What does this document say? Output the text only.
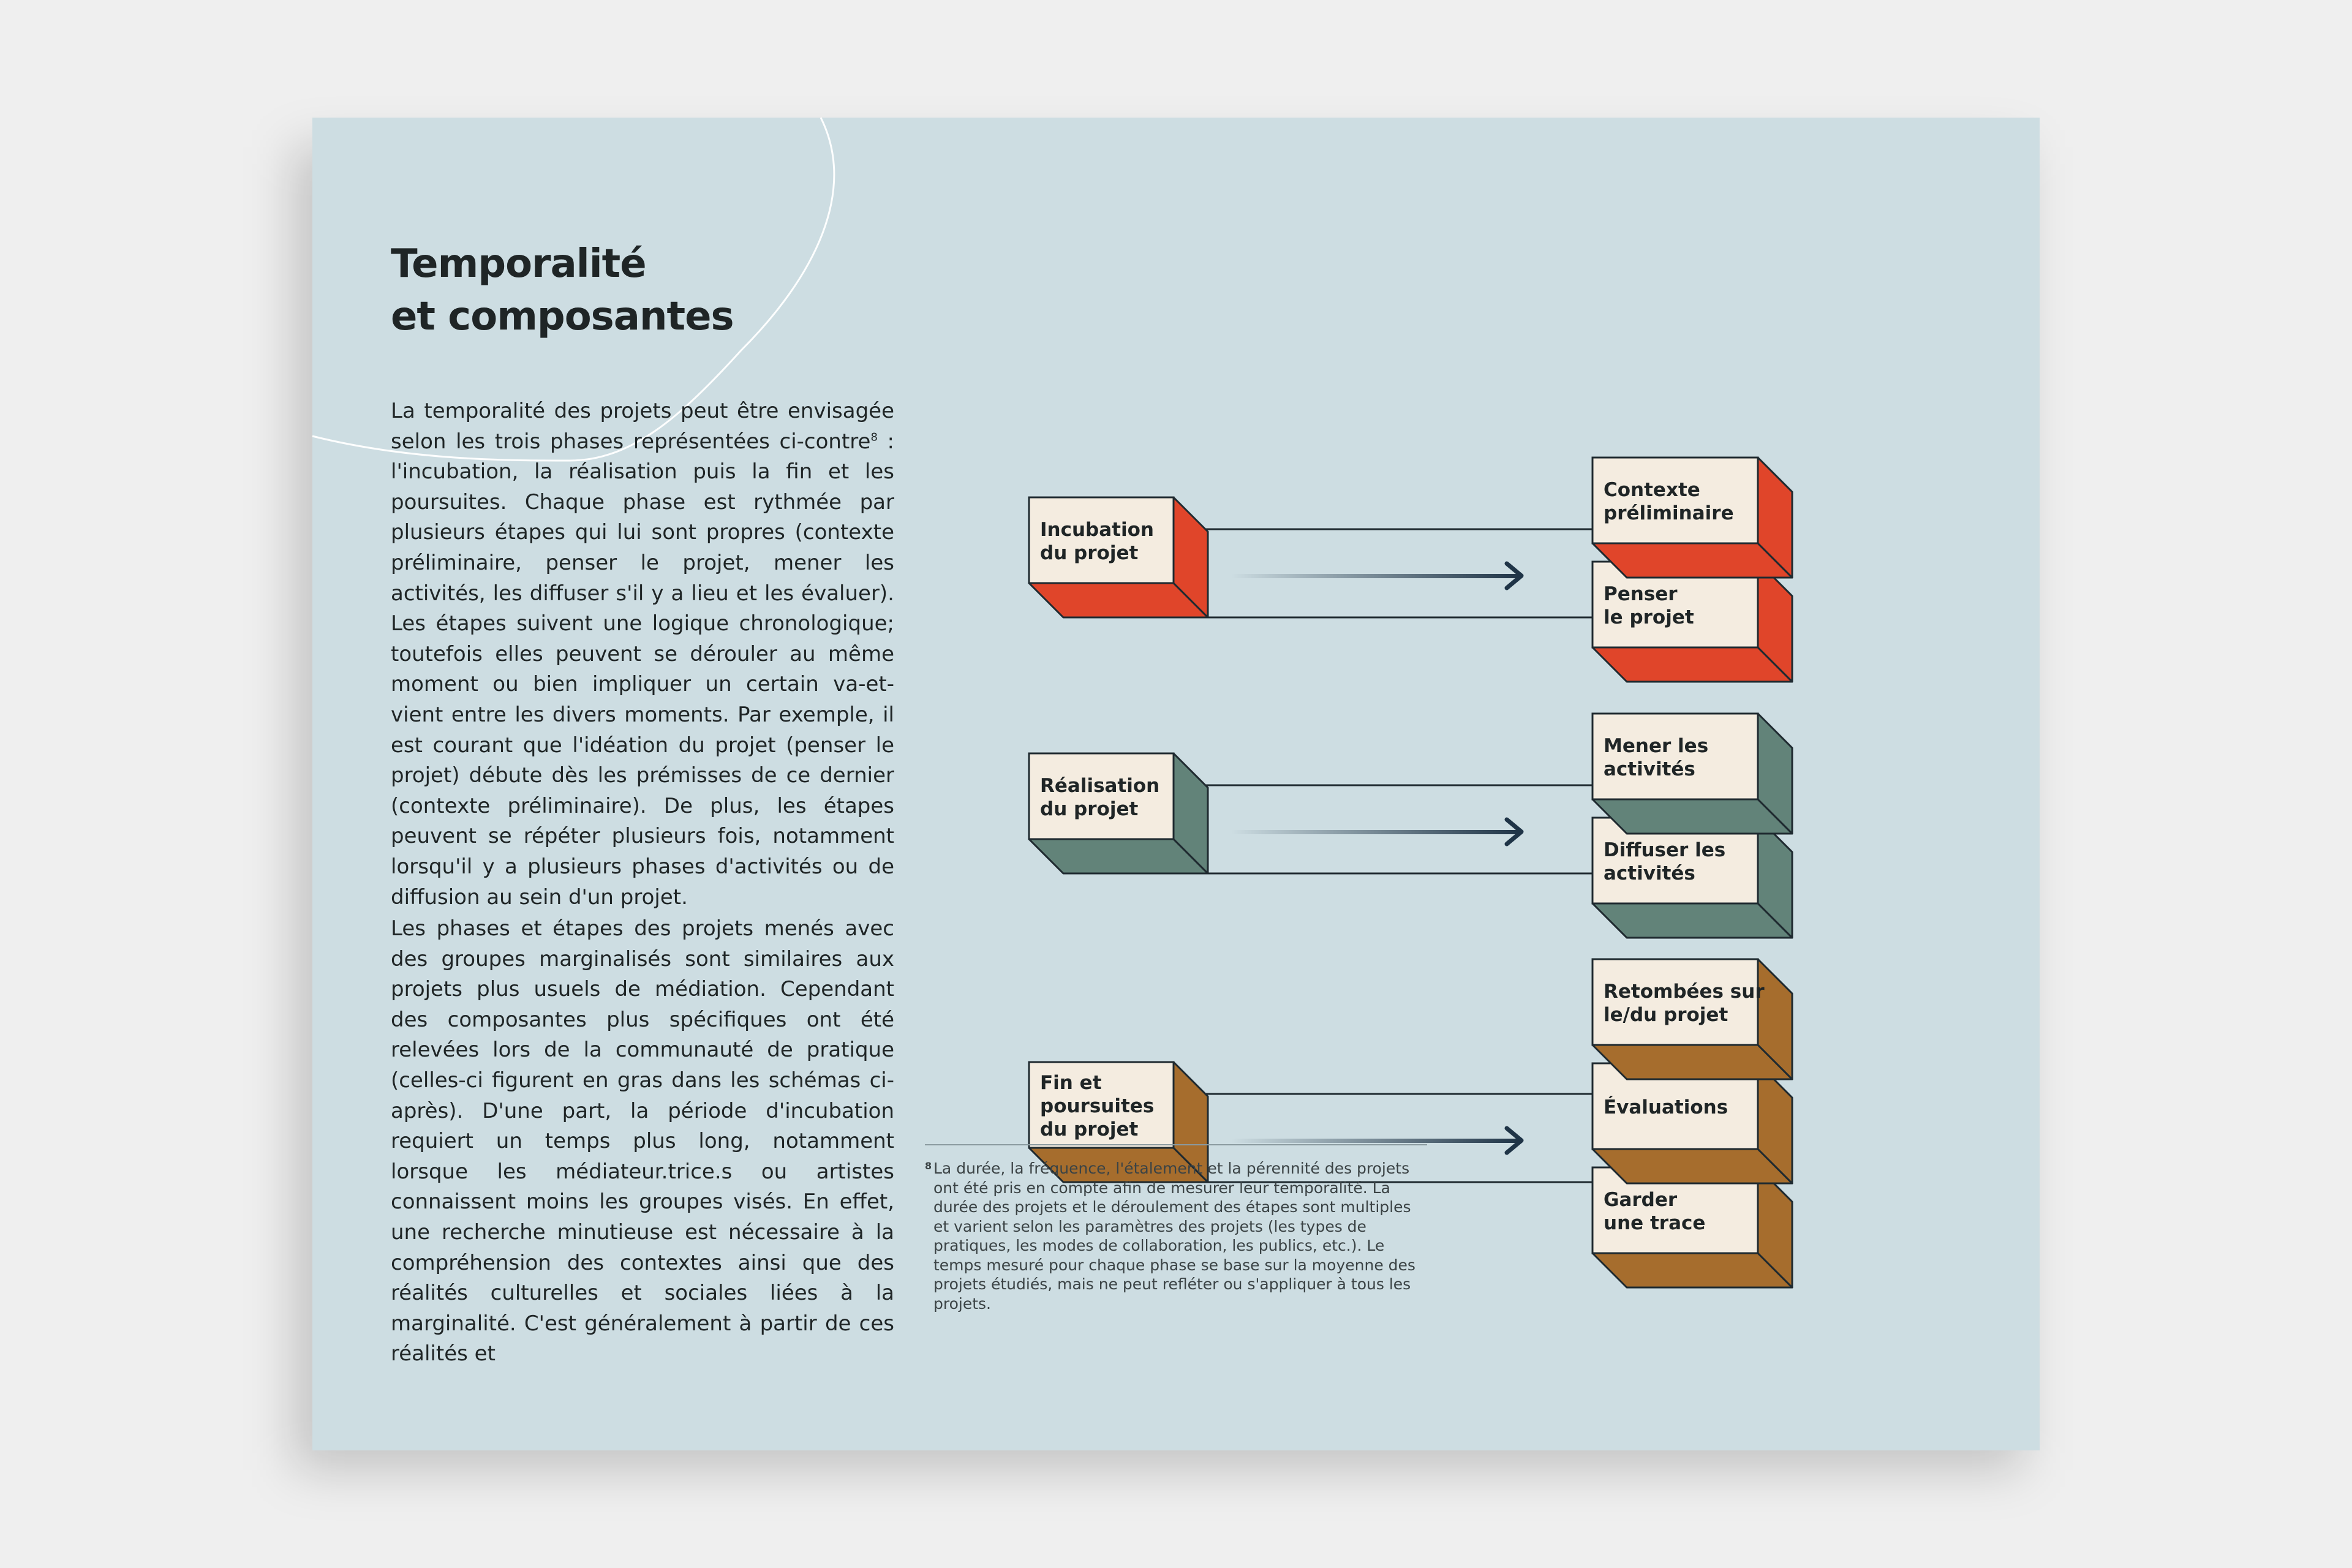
Temporalité
et composantes

La temporalité des projets peut être envisagée selon les trois phases représentées ci-contre$^8$ : l'incubation, la réalisation puis la fin et les poursuites. Chaque phase est rythmée par plusieurs étapes qui lui sont propres (contexte préliminaire, penser le projet, mener les activités, les diffuser s'il y a lieu et les évaluer). Les étapes suivent une logique chronologique; toutefois elles peuvent se dérouler au même moment ou bien impliquer un certain va-et-vient entre les divers moments. Par exemple, il est courant que l'idéation du projet (penser le projet) débute dès les prémisses de ce dernier (contexte préliminaire). De plus, les étapes peuvent se répéter plusieurs fois, notamment lorsqu'il y a plusieurs phases d'activités ou de diffusion au sein d'un projet.

Les phases et étapes des projets menés avec des groupes marginalisés sont similaires aux projets plus usuels de médiation. Cependant des composantes plus spécifiques ont été relevées lors de la communauté de pratique (celles-ci figurent en gras dans les schémas ci-après). D'une part, la période d'incubation requiert un temps plus long, notamment lorsque les médiateur.trice.s ou artistes connaissent moins les groupes visés. En effet, une recherche minutieuse est nécessaire à la compréhension des contextes ainsi que des réalités culturelles et sociales liées à la marginalité. C'est généralement à partir de ces réalités et

Incubation
du projet
Penser
le projet
Contexte
préliminaire
Réalisation
du projet
Diffuser les
activités
Mener les
activités
Fin et
poursuites
du projet
Garder
une trace
Évaluations
Retombées sur
le/du projet
8 La durée, la fréquence, l'étalement et la pérennité des projets ont été pris en compte afin de mesurer leur temporalité. La durée des projets et le déroulement des étapes sont multiples et varient selon les paramètres des projets (les types de pratiques, les modes de collaboration, les publics, etc.). Le temps mesuré pour chaque phase se base sur la moyenne des projets étudiés, mais ne peut refléter ou s'appliquer à tous les projets.
